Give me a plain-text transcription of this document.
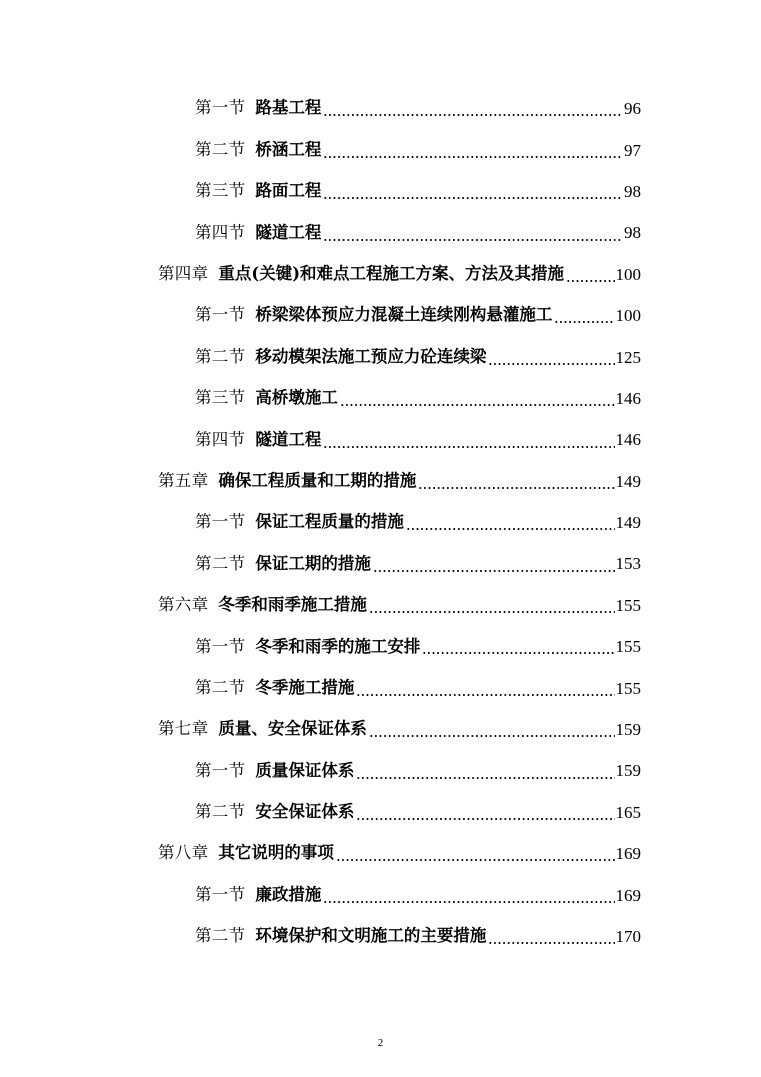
第一节 路基工程	96
第二节 桥涵工程	97
第三节 路面工程	98
第四节 隧道工程	98
第四章 重点(关键)和难点工程施工方案、方法及其措施	100
第一节 桥梁梁体预应力混凝土连续刚构悬灌施工	100
第二节 移动模架法施工预应力砼连续梁	125
第三节 高桥墩施工	146
第四节 隧道工程	146
第五章 确保工程质量和工期的措施	149
第一节 保证工程质量的措施	149
第二节 保证工期的措施	153
第六章 冬季和雨季施工措施	155
第一节 冬季和雨季的施工安排	155
第二节 冬季施工措施	155
第七章 质量、安全保证体系	159
第一节 质量保证体系	159
第二节 安全保证体系	165
第八章 其它说明的事项	169
第一节 廉政措施	169
第二节 环境保护和文明施工的主要措施	170
2
